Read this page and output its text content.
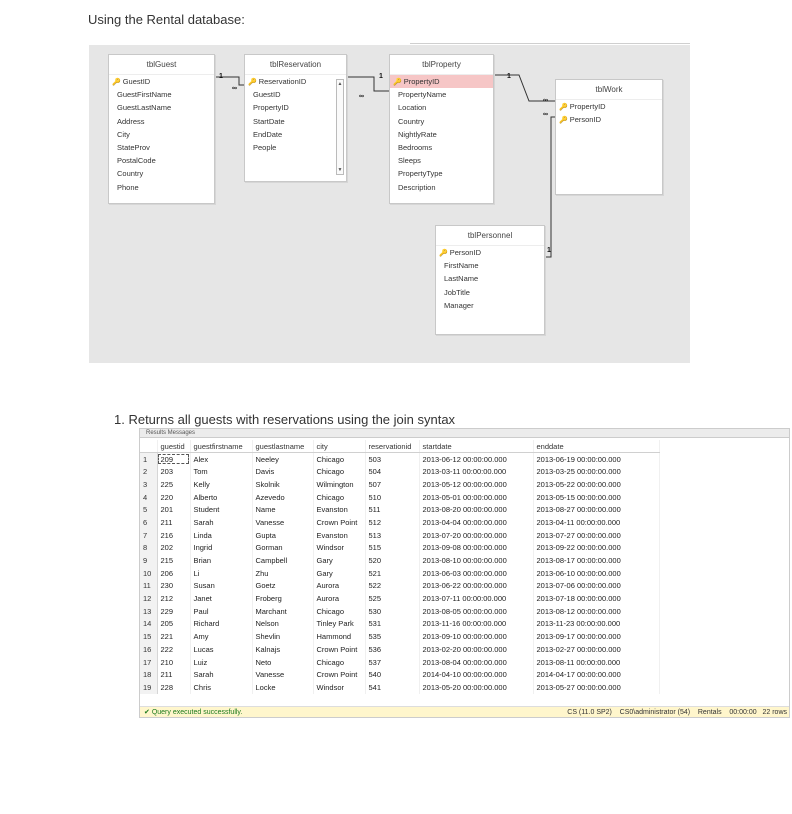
Using the Rental database:
1
∞
1
∞
1
∞
∞
1
tblGuest
🔑 GuestID
GuestFirstName
GuestLastName
Address
City
StateProv
PostalCode
Country
Phone
tblReservation
🔑 ReservationID
GuestID
PropertyID
StartDate
EndDate
People
▲
▼
tblProperty
🔑 PropertyID
PropertyName
Location
Country
NightlyRate
Bedrooms
Sleeps
PropertyType
Description
tblWork
🔑 PropertyID
🔑 PersonID
tblPersonnel
🔑 PersonID
FirstName
LastName
JobTitle
Manager
1. Returns all guests with reservations using the join syntax
Results Messages
	guestid	guestfirstname	guestlastname	city	reservationid	startdate	enddate
1	209	Alex	Neeley	Chicago	503	2013-06-12 00:00:00.000	2013-06-19 00:00:00.000
2	203	Tom	Davis	Chicago	504	2013-03-11 00:00:00.000	2013-03-25 00:00:00.000
3	225	Kelly	Skolnik	Wilmington	507	2013-05-12 00:00:00.000	2013-05-22 00:00:00.000
4	220	Alberto	Azevedo	Chicago	510	2013-05-01 00:00:00.000	2013-05-15 00:00:00.000
5	201	Student	Name	Evanston	511	2013-08-20 00:00:00.000	2013-08-27 00:00:00.000
6	211	Sarah	Vanesse	Crown Point	512	2013-04-04 00:00:00.000	2013-04-11 00:00:00.000
7	216	Linda	Gupta	Evanston	513	2013-07-20 00:00:00.000	2013-07-27 00:00:00.000
8	202	Ingrid	Gorman	Windsor	515	2013-09-08 00:00:00.000	2013-09-22 00:00:00.000
9	215	Brian	Campbell	Gary	520	2013-08-10 00:00:00.000	2013-08-17 00:00:00.000
10	206	Li	Zhu	Gary	521	2013-06-03 00:00:00.000	2013-06-10 00:00:00.000
11	230	Susan	Goetz	Aurora	522	2013-06-22 00:00:00.000	2013-07-06 00:00:00.000
12	212	Janet	Froberg	Aurora	525	2013-07-11 00:00:00.000	2013-07-18 00:00:00.000
13	229	Paul	Marchant	Chicago	530	2013-08-05 00:00:00.000	2013-08-12 00:00:00.000
14	205	Richard	Nelson	Tinley Park	531	2013-11-16 00:00:00.000	2013-11-23 00:00:00.000
15	221	Amy	Shevlin	Hammond	535	2013-09-10 00:00:00.000	2013-09-17 00:00:00.000
16	222	Lucas	Kalnajs	Crown Point	536	2013-02-20 00:00:00.000	2013-02-27 00:00:00.000
17	210	Luiz	Neto	Chicago	537	2013-08-04 00:00:00.000	2013-08-11 00:00:00.000
18	211	Sarah	Vanesse	Crown Point	540	2014-04-10 00:00:00.000	2014-04-17 00:00:00.000
19	228	Chris	Locke	Windsor	541	2013-05-20 00:00:00.000	2013-05-27 00:00:00.000
✔ Query executed successfully.	CS (11.0 SP2) CS0\administrator (54) Rentals 00:00:00 22 rows
